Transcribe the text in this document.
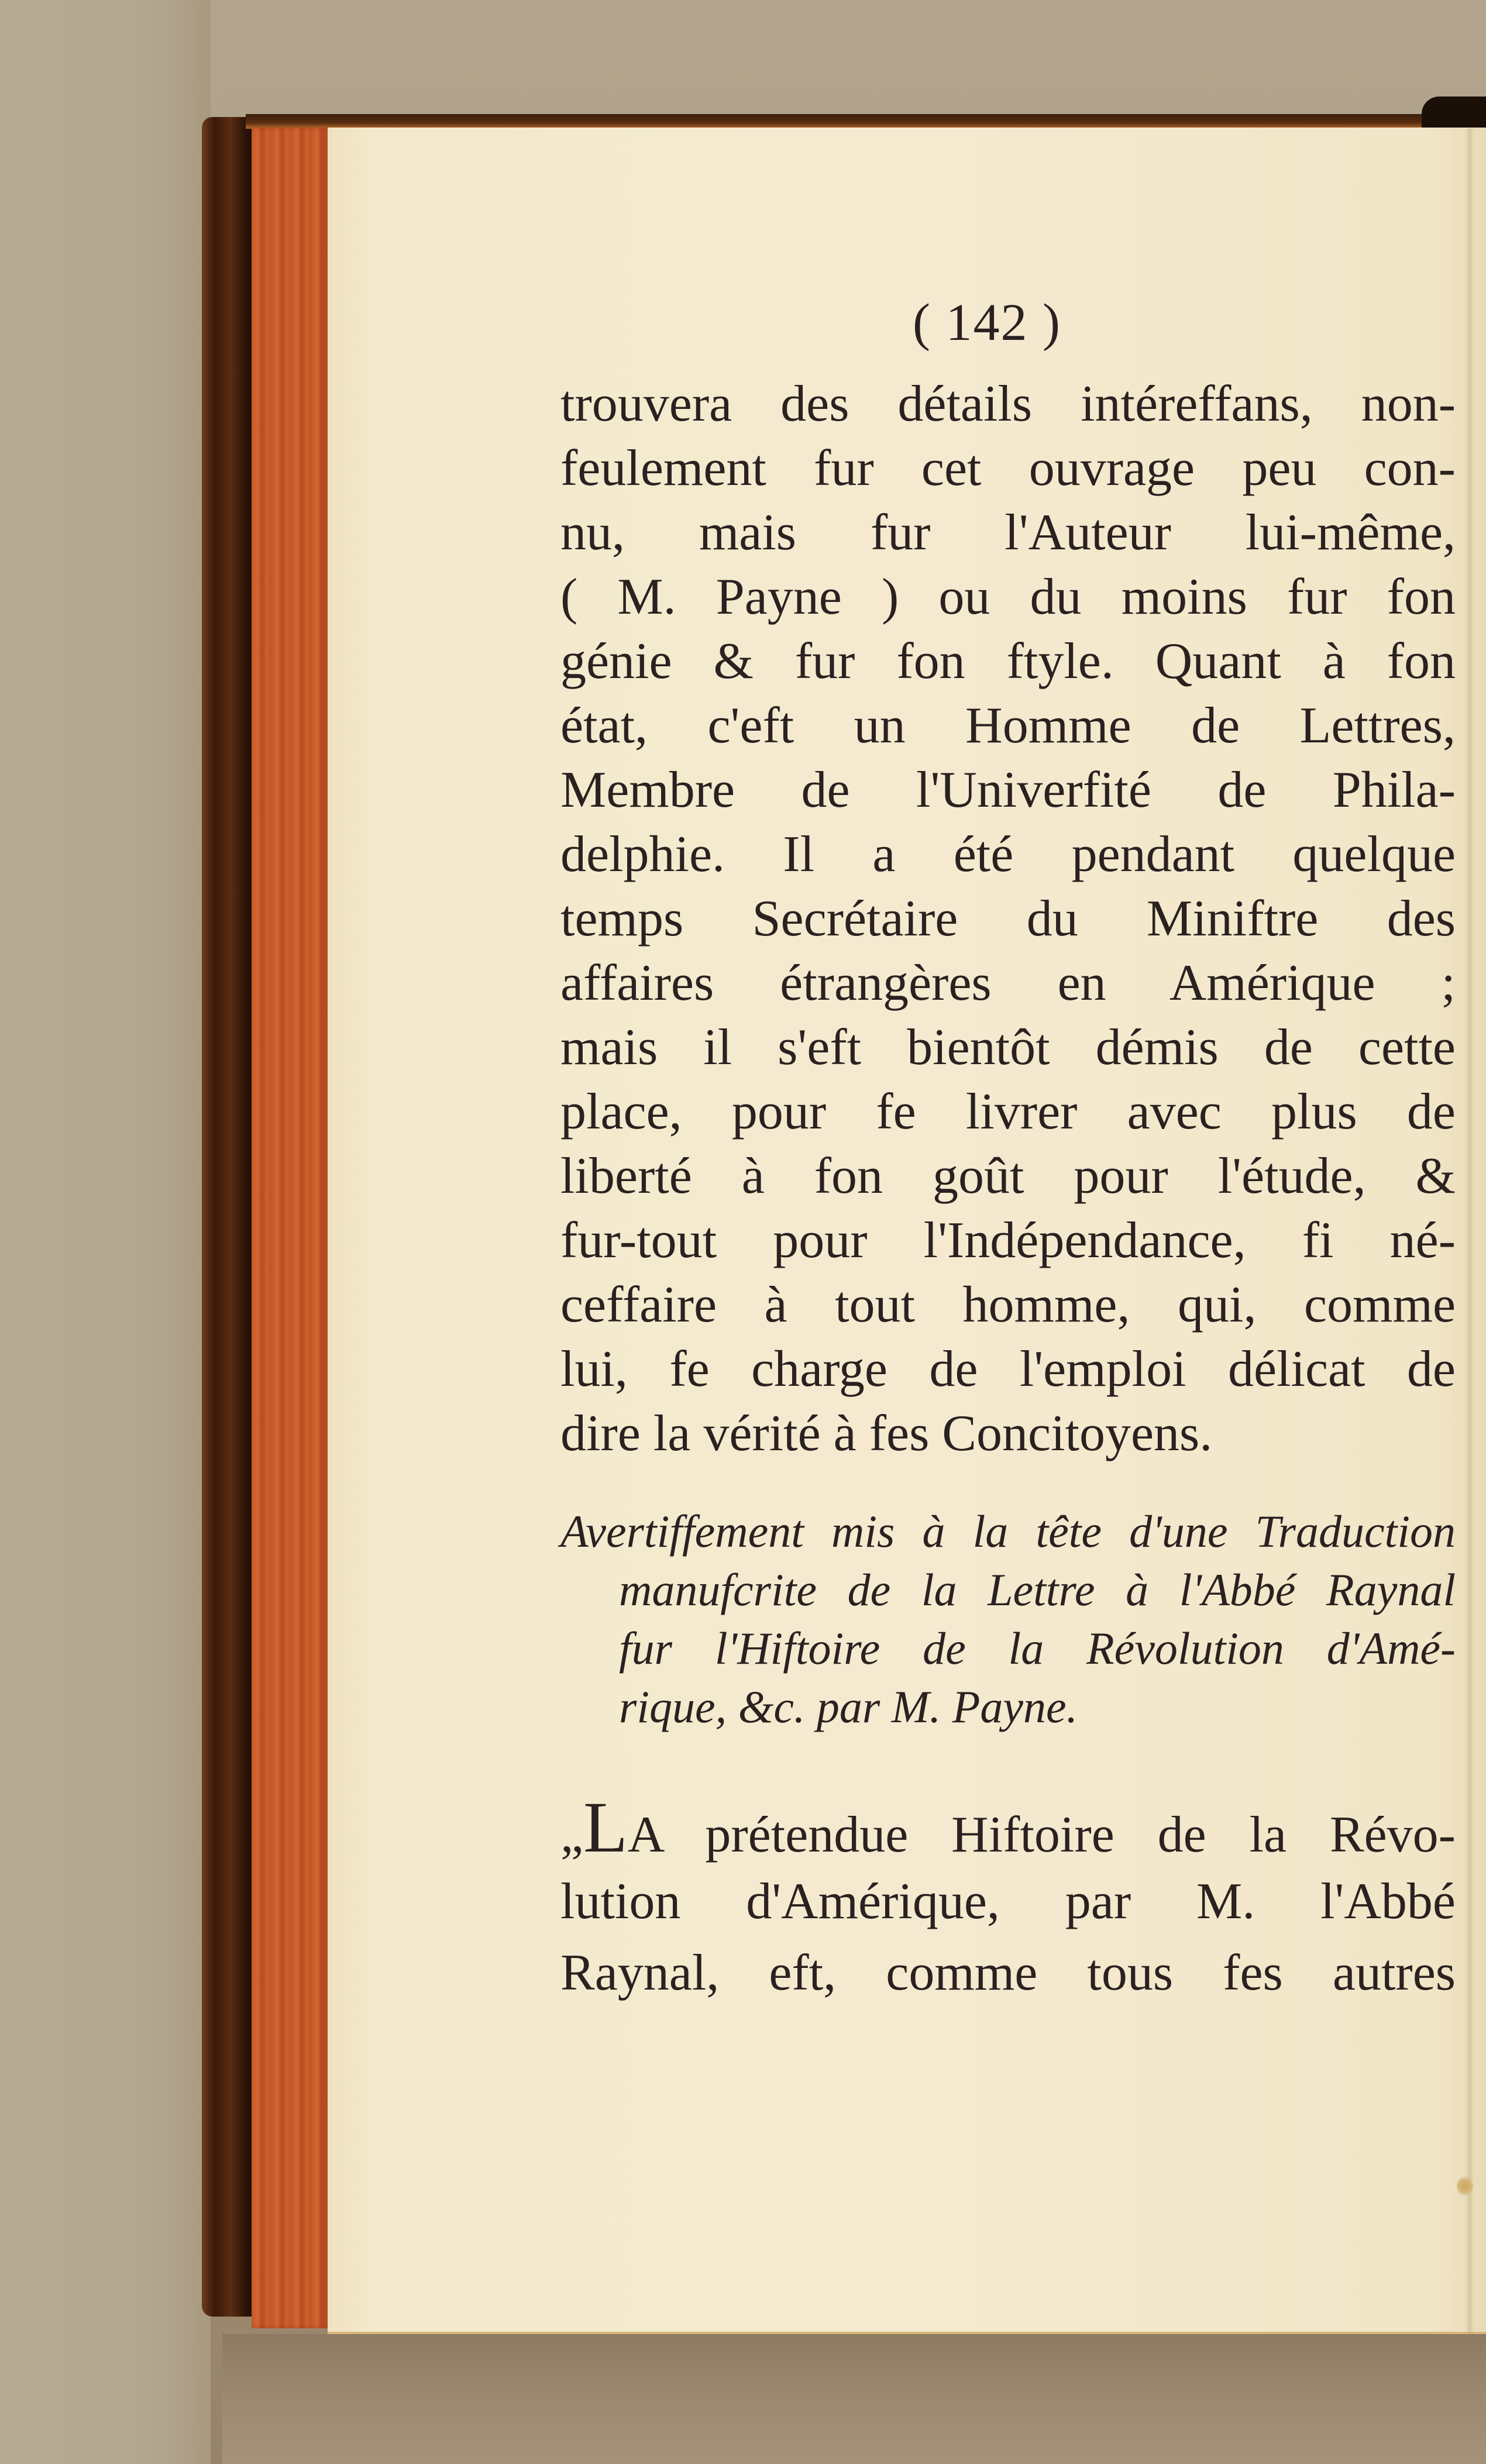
( 142 )
trouvera des détails intéreffans, non-
feulement fur cet ouvrage peu con-
nu, mais fur l'Auteur lui-même,
( M. Payne ) ou du moins fur fon
génie & fur fon ftyle. Quant à fon
état, c'eft un Homme de Lettres,
Membre de l'Univerfité de Phila-
delphie. Il a été pendant quelque
temps Secrétaire du Miniftre des
affaires étrangères en Amérique ;
mais il s'eft bientôt démis de cette
place, pour fe livrer avec plus de
liberté à fon goût pour l'étude, &
fur-tout pour l'Indépendance, fi né-
ceffaire à tout homme, qui, comme
lui, fe charge de l'emploi délicat de
dire la vérité à fes Concitoyens.
Avertiffement mis à la tête d'une Traduction
manufcrite de la Lettre à l'Abbé Raynal
fur l'Hiftoire de la Révolution d'Amé-
rique, &c. par M. Payne.
„LA prétendue Hiftoire de la Révo-
lution d'Amérique, par M. l'Abbé
Raynal, eft, comme tous fes autres
